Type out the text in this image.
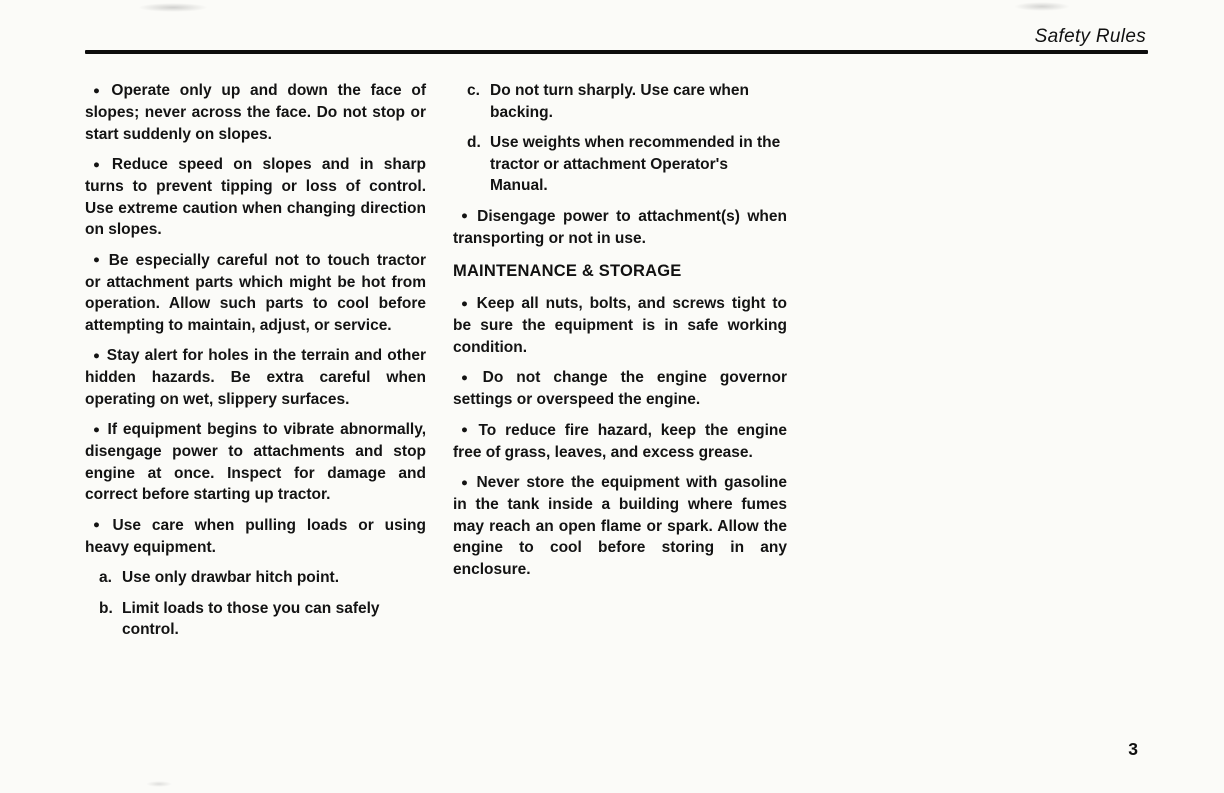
Safety Rules

● Operate only up and down the face of slopes; never across the face. Do not stop or start suddenly on slopes.

● Reduce speed on slopes and in sharp turns to prevent tipping or loss of control. Use extreme caution when changing direction on slopes.

● Be especially careful not to touch tractor or attachment parts which might be hot from operation. Allow such parts to cool before attempting to maintain, adjust, or service.

● Stay alert for holes in the terrain and other hidden hazards. Be extra careful when operating on wet, slippery surfaces.

● If equipment begins to vibrate abnormally, disengage power to attachments and stop engine at once. Inspect for damage and correct before starting up tractor.

● Use care when pulling loads or using heavy equipment.

a. Use only drawbar hitch point.

b. Limit loads to those you can safely control.

c. Do not turn sharply. Use care when backing.

d. Use weights when recommended in the tractor or attachment Operator's Manual.

● Disengage power to attachment(s) when transporting or not in use.

MAINTENANCE & STORAGE

● Keep all nuts, bolts, and screws tight to be sure the equipment is in safe working condition.

● Do not change the engine governor settings or overspeed the engine.

● To reduce fire hazard, keep the engine free of grass, leaves, and excess grease.

● Never store the equipment with gasoline in the tank inside a building where fumes may reach an open flame or spark. Allow the engine to cool before storing in any enclosure.

3
